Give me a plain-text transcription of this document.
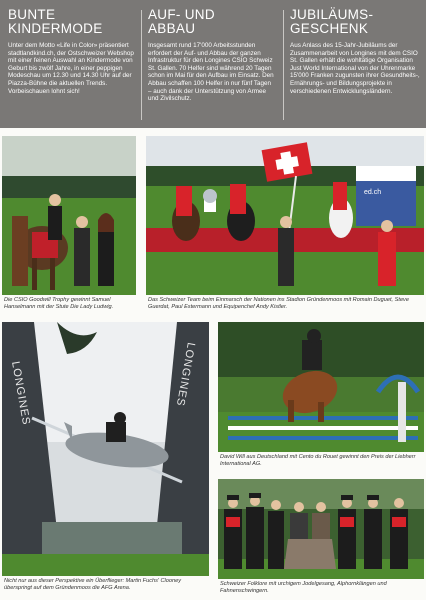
BUNTE
KINDERMODE

Unter dem Motto «Life in Color» präsentiert stadtlandkind.ch, der Ostschweizer Webshop mit einer feinen Auswahl an Kindermode von Geburt bis zwölf Jahre, in einer peppigen Modeschau um 12.30 und 14.30 Uhr auf der Piazza-Bühne die aktuellen Trends. Vorbeischauen lohnt sich!

AUF- UND
ABBAU

Insgesamt rund 17'000 Arbeitsstunden erfordert der Auf- und Abbau der ganzen Infrastruktur für den Longines CSIO Schweiz St. Gallen. 70 Helfer sind während 20 Tagen schon im Mai für den Aufbau im Einsatz. Den Abbau schaffen 100 Helfer in nur fünf Tagen – auch dank der Unterstützung von Armee und Zivilschutz.

JUBILÄUMS-
GESCHENK

Aus Anlass des 15-Jahr-Jubiläums der Zusammenarbeit von Longines mit dem CSIO St. Gallen erhält die wohltätige Organisation Just World International von der Uhrenmarke 15'000 Franken zugunsten ihrer Gesundheits-, Ernährungs- und Bildungsprojekte in verschiedenen Entwicklungsländern.

Die CSIO Goodwill Trophy gewinnt Samuel Hanselmann mit der Stute Die Lady Ludwig.
ed.ch
Das Schweizer Team beim Einmarsch der Nationen ins Stadion Gründenmoos mit Romain Duguet, Steve Guerdat, Paul Estermann und Equipenchef Andy Kistler.
LONGINES	LONGINES
Nicht nur aus dieser Perspektive ein Überflieger: Martin Fuchs' Clooney überspringt auf dem Gründenmoos die AFG Arena.
David Will aus Deutschland mit Cento du Rouet gewinnt den Preis der Liebherr International AG.
Schweizer Folklore mit urchigem Jodelgesang, Alphornklängen und Fahnenschwingern.
